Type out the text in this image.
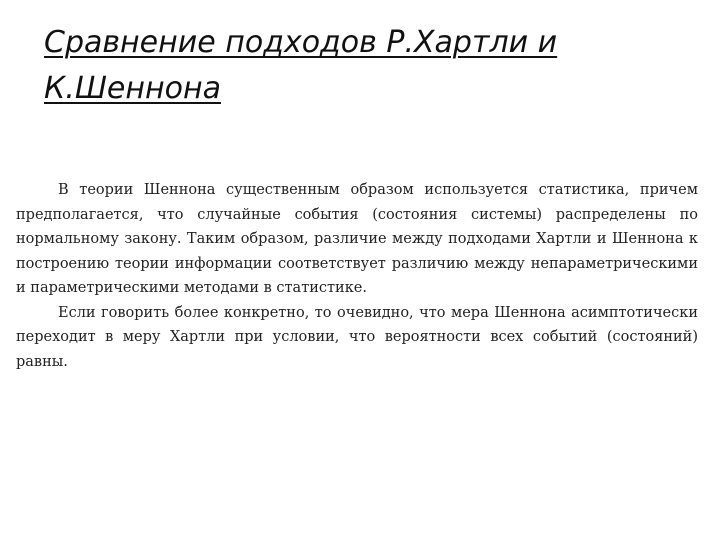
Сравнение подходов Р.Хартли и К.Шеннона

В теории Шеннона существенным образом используется статистика, причем предполагается, что случайные события (состояния системы) распределены по нормальному закону. Таким образом, различие между подходами Хартли и Шеннона к построению теории информации соответствует различию между непараметрическими и параметрическими методами в статистике.

Если говорить более конкретно, то очевидно, что мера Шеннона асимптотически переходит в меру Хартли при условии, что вероятности всех событий (состояний) равны.
